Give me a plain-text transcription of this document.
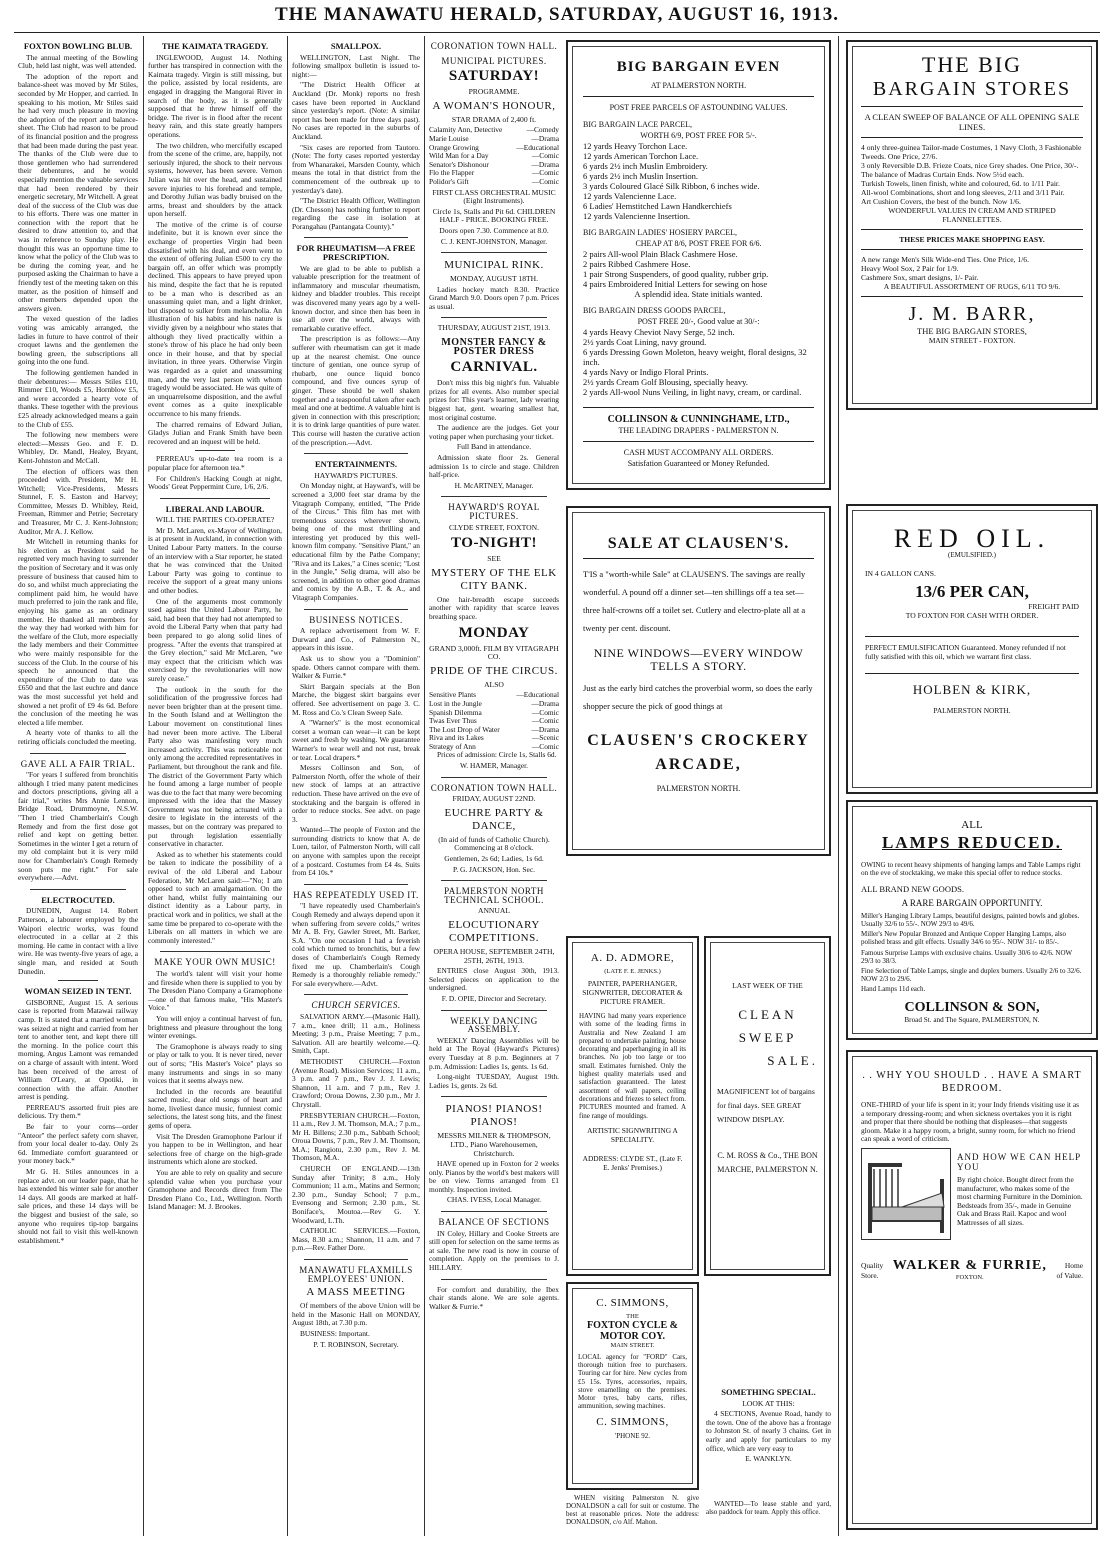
THE MANAWATU HERALD, SATURDAY, AUGUST 16, 1913.
FOXTON BOWLING BLUB.

The annual meeting of the Bowling Club, held last night, was well attended.

The adoption of the report and balance-sheet was moved by Mr Stiles, seconded by Mr Hopper, and carried. In speaking to his motion, Mr Stiles said he had very much pleasure in moving the adoption of the report and balance-sheet. The Club had reason to be proud of its financial position and the progress that had been made during the past year. The thanks of the Club were due to those gentlemen who had surrendered their debentures, and he would especially mention the valuable services that had been rendered by their energetic secretary, Mr Witchell. A great deal of the success of the Club was due to his efforts. There was one matter in connection with the report that he desired to draw attention to, and that was in reference to Sunday play. He thought this was an opportune time to know what the policy of the Club was to be during the coming year, and he purposed asking the Chairman to have a friendly test of the meeting taken on this matter, as the position of himself and other members depended upon the answers given.

The vexed question of the ladies voting was amicably arranged, the ladies in future to have control of their croquet lawns and the gentlemen the bowling green, the subscriptions all going into the one fund.

The following gentlemen handed in their debentures:— Messrs Stiles £10, Rimmer £10, Woods £5, Hornblow £5, and were accorded a hearty vote of thanks. These together with the previous £25 already acknowledged means a gain to the Club of £55.

The following new members were elected:—Messrs Geo. and F. D. Whibley, Dr. Mandl, Healey, Bryant, Kent-Johnston and McCall.

The election of officers was then proceeded with. President, Mr H. Witchell; Vice-Presidents, Messrs Stunnel, F. S. Easton and Harvey; Committee, Messrs D. Whibley, Reid, Freeman, Rimmer and Petrie; Secretary and Treasurer, Mr C. J. Kent-Johnston; Auditor, Mr A. J. Kellow.

Mr Witchell in returning thanks for his election as President said he regretted very much having to surrender the position of Secretary and it was only pressure of business that caused him to do so, and whilst much appreciating the compliment paid him, he would have much preferred to join the rank and file, enjoying his game as an ordinary member. He thanked all members for the way they had worked with him for the welfare of the Club, more especially the lady members and their Committee who were mainly responsible for the success of the Club. In the course of his speech he announced that the expenditure of the Club to date was £650 and that the last euchre and dance was the most successful yet held and showed a net profit of £9 4s 6d. Before the conclusion of the meeting he was elected a life member.

A hearty vote of thanks to all the retiring officials concluded the meeting.

GAVE ALL A FAIR TRIAL.

"For years I suffered from bronchitis although I tried many patent medicines and doctors prescriptions, giving all a fair trial," writes Mrs Annie Lennon, Bridge Road, Drummoyne, N.S.W. "Then I tried Chamberlain's Cough Remedy and from the first dose got relief and kept on getting better. Sometimes in the winter I get a return of my old complaint but it is very mild now for Chamberlain's Cough Remedy soon puts me right." For sale everywhere.—Advt.

ELECTROCUTED.

DUNEDIN, August 14. Robert Patterson, a labourer employed by the Waipori electric works, was found electrocuted in a cellar at 2 this morning. He came in contact with a live wire. He was twenty-five years of age, a single man, and resided at South Dunedin.

WOMAN SEIZED IN TENT.

GISBORNE, August 15. A serious case is reported from Matawai railway camp. It is stated that a married woman was seized at night and carried from her tent to another tent, and kept there till the morning. In the police court this morning, Angus Lamont was remanded on a charge of assault with intent. Word has been received of the arrest of William O'Leary, at Opotiki, in connection with the affair. Another arrest is pending.

PERREAU'S assorted fruit pies are delicious. Try them.*

Be fair to your corns—order "Anteor" the perfect safety corn shaver, from your local dealer to-day. Only 2s 6d. Immediate comfort guaranteed or your money back.*

Mr G. H. Stiles announces in a replace advt. on our leader page, that he has extended his winter sale for another 14 days. All goods are marked at half-sale prices, and these 14 days will be the biggest and busiest of the sale, so anyone who requires tip-top bargains should not fail to visit this well-known establishment.*

THE KAIMATA TRAGEDY.

INGLEWOOD, August 14. Nothing further has transpired in connection with the Kaimata tragedy. Virgin is still missing, but the police, assisted by local residents, are engaged in dragging the Mangorai River in search of the body, as it is generally supposed that he threw himself off the bridge. The river is in flood after the recent heavy rain, and this state greatly hampers operations.

The two children, who mercifully escaped from the scene of the crime, are, happily, not seriously injured, the shock to their nervous systems, however, has been severe. Vernon Julian was hit over the head, and sustained severe injuries to his forehead and temple, and Dorothy Julian was badly bruised on the arms, breast and shoulders by the attack upon herself.

The motive of the crime is of course indefinite, but it is known ever since the exchange of properties Virgin had been dissatisfied with his deal, and even went to the extent of offering Julian £500 to cry the bargain off, an offer which was promptly declined. This appears to have preyed upon his mind, despite the fact that he is reputed to be a man who is described as an unassuming quiet man, and a light drinker, but disposed to sulker from melancholia. An illustration of his habits and his nature is vividly given by a neighbour who states that although they lived practically within a stone's throw of his place he had only been once in their house, and that by special invitation, in three years. Otherwise Virgin was regarded as a quiet and unassuming man, and the very last person with whom tragedy would be associated. He was quite of an unquarrelsome disposition, and the awful event comes as a quite inexplicable occurrence to his many friends.

The charred remains of Edward Julian, Gladys Julian and Frank Smith have been recovered and an inquest will be held.

PERREAU's up-to-date tea room is a popular place for afternoon tea.*

For Children's Hacking Cough at night, Woods' Great Peppermint Cure, 1/6, 2/6.

LIBERAL AND LABOUR.
WILL THE PARTIES CO-OPERATE?

Mr D. McLaren, ex-Mayor of Wellington, is at present in Auckland, in connection with United Labour Party matters. In the course of an interview with a Star reporter, he stated that he was convinced that the United Labour Party was going to continue to receive the support of a great many unions and other bodies.

One of the arguments most commonly used against the United Labour Party, he said, had been that they had not attempted to avoid the Liberal Party when that party had been prepared to go along solid lines of progress. "After the events that transpired at the Grey election," said Mr McLaren, "we may expect that the criticism which was exercised by the revolutionaries will now surely cease."

The outlook in the south for the solidification of the progressive forces had never been brighter than at the present time. In the South Island and at Wellington the Labour movement on constitutional lines had never been more active. The Liberal Party also was manifesting very much increased activity. This was noticeable not only among the accredited representatives in Parliament, but throughout the rank and file. The district of the Government Party which he found among a large number of people was due to the fact that many were becoming impressed with the idea that the Massey Government was not being actuated with a desire to legislate in the interests of the masses, but on the contrary was prepared to put through legislation essentially conservative in character.

Asked as to whether his statements could be taken to indicate the possibility of a revival of the old Liberal and Labour Federation, Mr McLaren said:—"No; I am opposed to such an amalgamation. On the other hand, whilst fully maintaining our distinct identity as a Labour party, in practical work and in politics, we shall at the same time be prepared to co-operate with the Liberals on all matters in which we are commonly interested."

MAKE YOUR OWN MUSIC!

The world's talent will visit your home and fireside when there is supplied to you by The Dresden Piano Company a Gramophone—one of that famous make, "His Master's Voice."

You will enjoy a continual harvest of fun, brightness and pleasure throughout the long winter evenings.

The Gramophone is always ready to sing or play or talk to you. It is never tired, never out of sorts; "His Master's Voice" plays so many instruments and sings in so many voices that it seems always new.

Included in the records are beautiful sacred music, dear old songs of heart and home, liveliest dance music, funniest comic selections, the latest song hits, and the finest gems of opera.

Visit The Dresden Gramophone Parlour if you happen to be in Wellington, and hear selections free of charge on the high-grade instruments which alone are stocked.

You are able to rely on quality and secure splendid value when you purchase your Gramophone and Records direct from The Dresden Piano Co., Ltd., Wellington. North Island Manager: M. J. Brookes.

SMALLPOX.

WELLINGTON, Last Night. The following smallpox bulletin is issued to-night:—

"The District Health Officer at Auckland (Dr. Monk) reports no fresh cases have been reported in Auckland since yesterday's report. (Note: A similar report has been made for three days past). No cases are reported in the suburbs of Auckland.

"Six cases are reported from Tautoro. (Note: The forty cases reported yesterday from Whanarakei, Marsden County, which means the total in that district from the commencement of the outbreak up to yesterday's date).

"The District Health Officer, Wellington (Dr. Chesson) has nothing further to report regarding the case in isolation at Porangahau (Pantangata County)."

FOR RHEUMATISM—A FREE PRESCRIPTION.

We are glad to be able to publish a valuable prescription for the treatment of inflammatory and muscular rheumatism, kidney and bladder troubles. This receipt was discovered many years ago by a well-known doctor, and since then has been in use all over the world, always with remarkable curative effect.

The prescription is as follows:—Any sufferer with rheumatism can get it made up at the nearest chemist. One ounce tincture of gentian, one ounce syrup of rhubarb, one ounce liquid bonco compound, and five ounces syrup of ginger. These should be well shaken together and a teaspoonful taken after each meal and one at bedtime. A valuable hint is given in connection with this prescription; it is to drink large quantities of pure water. This course will hasten the curative action of the prescription.—Advt.

ENTERTAINMENTS.
HAYWARD'S PICTURES.

On Monday night, at Hayward's, will be screened a 3,000 feet star drama by the Vitagraph Company, entitled, "The Pride of the Circus." This film has met with tremendous success wherever shown, being one of the most thrilling and interesting yet produced by this well-known film company. "Sensitive Plant," an educational film by the Pathe Company; "Riva and its Lakes," a Cines scenic; "Lost in the Jungle," Selig drama, will also be screened, in addition to other good dramas and comics by the A.B., T. & A., and Vitagraph Companies.

BUSINESS NOTICES.

A replace advertisement from W. F. Durward and Co., of Palmerston N., appears in this issue.

Ask us to show you a "Dominion" spade. Others cannot compare with them. Walker & Furrie.*

Skirt Bargain specials at the Bon Marche, the biggest skirt bargains ever offered. See advertisement on page 3. C. M. Ross and Co.'s Clean Sweep Sale.

A "Warner's" is the most economical corset a woman can wear—it can be kept sweet and fresh by washing. We guarantee Warner's to wear well and not rust, break or tear. Local drapers.*

Messrs Collinson and Son, of Palmerston North, offer the whole of their new stock of lamps at an attractive reduction. These have arrived on the eve of stocktaking and the bargain is offered in order to reduce stocks. See advt. on page 3.

Wanted—The people of Foxton and the surrounding districts to know that A. de Luen, tailor, of Palmerston North, will call on anyone with samples upon the receipt of a postcard. Costumes from £4 4s. Suits from £4 10s.*

HAS REPEATEDLY USED IT.

"I have repeatedly used Chamberlain's Cough Remedy and always depend upon it when suffering from severe colds," writes Mr A. B. Fry, Gawler Street, Mt. Barker, S.A. "On one occasion I had a feverish cold which turned to bronchitis, but a few doses of Chamberlain's Cough Remedy fixed me up. Chamberlain's Cough Remedy is a thoroughly reliable remedy." For sale everywhere.—Advt.

CHURCH SERVICES.

SALVATION ARMY.—(Masonic Hall), 7 a.m., knee drill; 11 a.m., Holiness Meeting; 3 p.m., Praise Meeting; 7 p.m., Salvation. All are heartily welcome.—Q. Smith, Capt.

METHODIST CHURCH.—Foxton (Avenue Road). Mission Services; 11 a.m., 3 p.m. and 7 p.m., Rev J. J. Lewis; Shannon, 11 a.m. and 7 p.m., Rev J. Crawford; Oroua Downs, 2.30 p.m., Mr J. Chrystall.

PRESBYTERIAN CHURCH.—Foxton, 11 a.m., Rev J. M. Thomson, M.A.; 7 p.m., Mr H. Billens; 2.30 p.m., Sabbath School; Oroua Downs, 7 p.m., Rev J. M. Thomson, M.A.; Rangiotu, 2.30 p.m., Rev J. M. Thomson, M.A.

CHURCH OF ENGLAND.—13th Sunday after Trinity; 8 a.m., Holy Communion; 11 a.m., Matins and Sermon; 2.30 p.m., Sunday School; 7 p.m., Evensong and Sermon; 2.30 p.m., St. Boniface's, Moutoa.—Rev G. Y. Woodward, L.Th.

CATHOLIC SERVICES.—Foxton, Mass, 8.30 a.m.; Shannon, 11 a.m. and 7 p.m.—Rev. Father Dore.

MANAWATU FLAXMILLS EMPLOYEES' UNION.
A MASS MEETING

Of members of the above Union will be held in the Masonic Hall on MONDAY, August 18th, at 7.30 p.m.

BUSINESS: Important.

P. T. ROBINSON, Secretary.
CORONATION TOWN HALL.
MUNICIPAL PICTURES.
SATURDAY!
PROGRAMME.
A WOMAN'S HONOUR,
STAR DRAMA of 2,400 ft.
Calamity Ann, Detective	—Comedy
Marie Louise	—Drama
Orange Growing	—Educational
Wild Man for a Day	—Comic
Senator's Dishonour	—Drama
Flo the Flapper	—Comic
Polidor's Gift	—Comic
FIRST CLASS ORCHESTRAL MUSIC (Eight Instruments).
Circle 1s, Stalls and Pit 6d. CHILDREN HALF - PRICE. BOOKING FREE.
Doors open 7.30. Commence at 8.0.
C. J. KENT-JOHNSTON, Manager.
MUNICIPAL RINK.
MONDAY, AUGUST 18TH.

Ladies hockey match 8.30. Practice Grand March 9.0. Doors open 7 p.m. Prices as usual.

THURSDAY, AUGUST 21ST, 1913.
MONSTER FANCY & POSTER DRESS
CARNIVAL.

Don't miss this big night's fun. Valuable prizes for all events. Also number special prizes for: This year's learner, lady wearing biggest hat, gent. wearing smallest hat, most original costume.

The audience are the judges. Get your voting paper when purchasing your ticket.

Full Band in attendance.

Admission skate floor 2s. General admission 1s to circle and stage. Children half-price.

H. McARTNEY, Manager.
HAYWARD'S ROYAL PICTURES.
CLYDE STREET, FOXTON.
TO-NIGHT!
SEE
MYSTERY OF THE ELK CITY BANK.

One hair-breadth escape succeeds another with rapidity that scarce leaves breathing space.

MONDAY
GRAND 3,000ft. FILM BY VITAGRAPH CO.
PRIDE OF THE CIRCUS.
ALSO
Sensitive Plants	—Educational
Lost in the Jungle	—Drama
Spanish Dilemma	—Comic
Twas Ever Thus	—Comic
The Lost Drop of Water	—Drama
Riva and its Lakes	—Scenic
Strategy of Ann	—Comic

Prices of admission: Circle 1s, Stalls 6d.

W. HAMER, Manager.
CORONATION TOWN HALL.
FRIDAY, AUGUST 22ND.
EUCHRE PARTY & DANCE,
(In aid of funds of Catholic Church). Commencing at 8 o'clock.
Gentlemen, 2s 6d; Ladies, 1s 6d.
P. G. JACKSON, Hon. Sec.
PALMERSTON NORTH TECHNICAL SCHOOL.
ANNUAL
ELOCUTIONARY COMPETITIONS.
OPERA HOUSE, SEPTEMBER 24TH, 25TH, 26TH, 1913.

ENTRIES close August 30th, 1913. Selected pieces on application to the undersigned.

F. D. OPIE, Director and Secretary.
WEEKLY DANCING ASSEMBLY.

WEEKLY Dancing Assemblies will be held at The Royal (Hayward's Pictures) every Tuesday at 8 p.m. Beginners at 7 p.m. Admission: Ladies 1s, gents. 1s 6d.

Long-night TUESDAY, August 19th. Ladies 1s, gents. 2s 6d.

PIANOS! PIANOS! PIANOS!
MESSRS MILNER & THOMPSON, LTD., Piano Warehousemen, Christchurch.

HAVE opened up in Foxton for 2 weeks only. Pianos by the world's best makers will be on view. Terms arranged from £1 monthly. Inspection invited.

CHAS. IVESS, Local Manager.
BALANCE OF SECTIONS

IN Coley, Hillary and Cooke Streets are still open for selection on the same terms as at sale. The new road is now in course of completion. Apply on the premises to J. HILLARY.

For comfort and durability, the Ibex chair stands alone. We are sole agents. Walker & Furrie.*

BIG BARGAIN EVEN
AT PALMERSTON NORTH.
POST FREE PARCELS OF ASTOUNDING VALUES.
BIG BARGAIN LACE PARCEL,
WORTH 6/9, POST FREE FOR 5/-.
12 yards Heavy Torchon Lace.
12 yards American Torchon Lace.
6 yards 2½ inch Muslin Embroidery.
6 yards 2½ inch Muslin Insertion.
3 yards Coloured Glacé Silk Ribbon, 6 inches wide.
12 yards Valencienne Lace.
6 Ladies' Hemstitched Lawn Handkerchiefs
12 yards Valencienne Insertion.
BIG BARGAIN LADIES' HOSIERY PARCEL,
CHEAP AT 8/6, POST FREE FOR 6/6.
2 pairs All-wool Plain Black Cashmere Hose.
2 pairs Ribbed Cashmere Hose.
1 pair Strong Suspenders, of good quality, rubber grip.
4 pairs Embroidered Initial Letters for sewing on hose
A splendid idea. State initials wanted.
BIG BARGAIN DRESS GOODS PARCEL,
POST FREE 20/-, Good value at 30/-:
4 yards Heavy Cheviot Navy Serge, 52 inch.
2½ yards Coat Lining, navy ground.
6 yards Dressing Gown Moleton, heavy weight, floral designs, 32 inch.
4 yards Navy or Indigo Floral Prints.
2½ yards Cream Golf Blousing, specially heavy.
2 yards All-wool Nuns Veiling, in light navy, cream, or cardinal.
COLLINSON & CUNNINGHAME, LTD.,
THE LEADING DRAPERS - PALMERSTON N.
CASH MUST ACCOMPANY ALL ORDERS.
Satisfation Guaranteed or Money Refunded.
SALE AT CLAUSEN'S.
T'IS a "worth-while Sale" at CLAUSEN'S. The savings are really wonderful. A pound off a dinner set—ten shillings off a tea set—three half-crowns off a toilet set. Cutlery and electro-plate all at a twenty per cent. discount.
NINE WINDOWS—EVERY WINDOW TELLS A STORY.
Just as the early bird catches the proverbial worm, so does the early shopper secure the pick of good things at
CLAUSEN'S CROCKERY ARCADE,
PALMERSTON NORTH.
A. D. ADMORE,
(LATE F. E. JENKS.)
PAINTER, PAPERHANGER, SIGNWRITER, DECORATER & PICTURE FRAMER.
HAVING had many years experience with some of the leading firms in Australia and New Zealand I am prepared to undertake painting, house decorating and paperhanging in all its branches. No job too large or too small. Estimates furnished. Only the highest quality materials used and satisfaction guaranteed. The latest assortment of wall papers, ceiling decorations and friezes to select from. PICTURES mounted and framed. A fine range of mouldings.
ARTISTIC SIGNWRITING A SPECIALITY.
ADDRESS: CLYDE ST., (Late F. E. Jenks' Premises.)
LAST WEEK OF THE
CLEAN
SWEEP
SALE.
MAGNIFICENT lot of bargains for final days. SEE GREAT WINDOW DISPLAY.
C. M. ROSS & Co., THE BON MARCHE, PALMERSTON N.
C. SIMMONS,
THE
FOXTON CYCLE & MOTOR COY.
MAIN STREET.
LOCAL agency for "FORD" Cars, thorough tuition free to purchasers. Touring car for hire. New cycles from £5 15s. Tyres, accessories, repairs, stove enamelling on the premises. Motor tyres, baby carts, rifles, ammunition, sewing machines.
C. SIMMONS,
'PHONE 92.
SOMETHING SPECIAL.
LOOK AT THIS:

4 SECTIONS, Avenue Road, handy to the town. One of the above has a frontage to Johnston St. of nearly 3 chains. Get in early and apply for particulars to my office, which are very easy to

E. WANKLYN.

WHEN visiting Palmerston N. give DONALDSON a call for suit or costume. The best at reasonable prices. Note the address: DONALDSON, c/o Alf. Mahon.

WANTED—To lease stable and yard, also paddock for team. Apply this office.

THE BIG
BARGAIN STORES
A CLEAN SWEEP OF BALANCE OF ALL OPENING SALE LINES.
4 only three-guinea Tailor-made Costumes, 1 Navy Cloth, 3 Fashionable Tweeds. One Price, 27/6.
3 only Reversible D.B. Frieze Coats, nice Grey shades. One Price, 30/-.
The balance of Madras Curtain Ends. Now 5½d each.
Turkish Towels, linen finish, white and coloured, 6d. to 1/11 Pair.
All-wool Combinations, short and long sleeves, 2/11 and 3/11 Pair.
Art Cushion Covers, the best of the bunch. Now 1/6.
WONDERFUL VALUES IN CREAM AND STRIPED FLANNELETTES.
THESE PRICES MAKE SHOPPING EASY.
A new range Men's Silk Wide-end Ties. One Price, 1/6.
Heavy Wool Sox, 2 Pair for 1/9.
Cashmere Sox, smart designs, 1/- Pair.
A BEAUTIFUL ASSORTMENT OF RUGS, 6/11 TO 9/6.
J. M. BARR,
THE BIG BARGAIN STORES,
MAIN STREET - FOXTON.
RED OIL.
(EMULSIFIED.)
IN 4 GALLON CANS.
13/6 PER CAN,
FREIGHT PAID
TO FOXTON FOR CASH WITH ORDER.
PERFECT EMULSIFICATION Guaranteed. Money refunded if not fully satisfied with this oil, which we warrant first class.
HOLBEN & KIRK,
PALMERSTON NORTH.
ALL
LAMPS REDUCED.
OWING to recent heavy shipments of hanging lamps and Table Lamps right on the eve of stocktaking, we make this special offer to reduce stocks.
ALL BRAND NEW GOODS.
A RARE BARGAIN OPPORTUNITY.
Miller's Hanging Library Lamps, beautiful designs, painted bowls and globes. Usually 32/6 to 55/-. NOW 29/3 to 49/6.
Miller's New Popular Bronzed and Antique Copper Hanging Lamps, also polished brass and gilt effects. Usually 34/6 to 95/-. NOW 31/- to 85/-.
Famous Surprise Lamps with exclusive chains. Usually 30/6 to 42/6. NOW 29/3 to 38/3.
Fine Selection of Table Lamps, single and duplex burners. Usually 2/6 to 32/6. NOW 2/3 to 29/6.
Hand Lamps 11d each.
COLLINSON & SON,
Broad St. and The Square, PALMERSTON, N.
. . WHY YOU SHOULD . . HAVE A SMART BEDROOM.
ONE-THIRD of your life is spent in it; your Indy friends visiting use it as a temporary dressing-room; and when sickness overtakes you it is right and proper that there should be nothing that displeases—that suggests gloom. Make it a happy room, a bright, sunny room, for which no friend can speak a word of criticism.
AND HOW WE CAN HELP YOU
By right choice. Bought direct from the manufacturer, who makes some of the most charming Furniture in the Dominion. Bedsteads from 35/-, made in Genuine Oak and Brass Rail. Kapoc and wool Mattresses of all sizes.
Quality
Store.
WALKER & FURRIE,
FOXTON.
Home
of Value.
